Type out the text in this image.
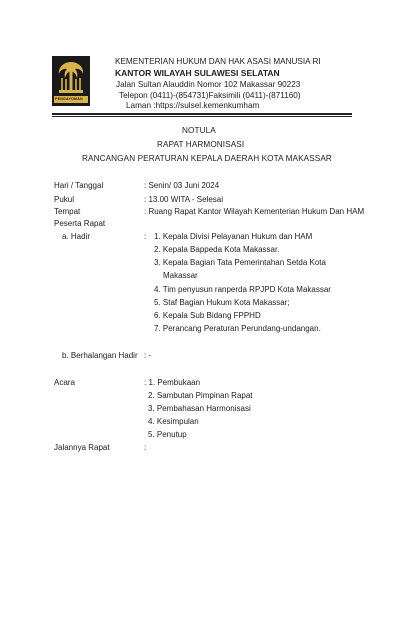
PENGAYOMAN
KEMENTERIAN HUKUM DAN HAK ASASI MANUSIA RI
KANTOR WILAYAH SULAWESI SELATAN
Jalan Sultan Alauddin Nomor 102 Makassar 90223
Telepon (0411)-(854731)Faksimili (0411)-(871160)
Laman :https://sulsel.kemenkumham
NOTULA
RAPAT HARMONISASI
RANCANGAN PERATURAN KEPALA DAERAH KOTA MAKASSAR
Hari / Tanggal	: Senin/ 03 Juni 2024
Pukul	: 13.00 WITA - Selesai
Tempat	: Ruang Rapat Kantor Wilayah Kementerian Hukum Dan HAM
Peserta Rapat
a. Hadir	: 1. Kepala Divisi Pelayanan Hukum dan HAM
2. Kepala Bappeda Kota Makassar.
3. Kepala Bagian Tata Pemerintahan Setda Kota
Makassar
4. Tim penyusun ranperda RPJPD Kota Makassar
5. Staf Bagian Hukum Kota Makassar;
6. Kepala Sub Bidang FPPHD
7. Perancang Peraturan Perundang-undangan.
b. Berhalangan Hadir : -
Acara	: 1. Pembukaan
2. Sambutan Pimpinan Rapat
3. Pembahasan Harmonisasi
4. Kesimpulan
5. Penutup
Jalannya Rapat	:
